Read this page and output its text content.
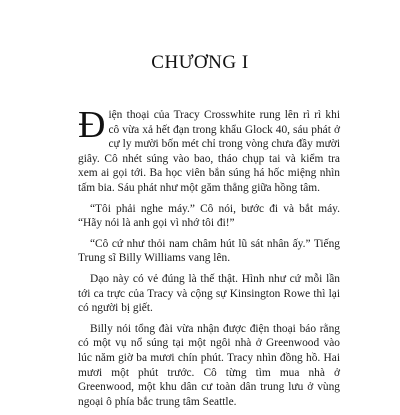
CHƯƠNG I

Điện thoại của Tracy Crosswhite rung lên rì rì khi cô vừa xả hết đạn trong khẩu Glock 40, sáu phát ở cự ly mười bốn mét chỉ trong vòng chưa đầy mười giây. Cô nhét súng vào bao, tháo chụp tai và kiểm tra xem ai gọi tới. Ba học viên bắn súng há hốc miệng nhìn tấm bia. Sáu phát như một găm thẳng giữa hồng tâm.

“Tôi phải nghe máy.” Cô nói, bước đi và bắt máy. “Hãy nói là anh gọi vì nhớ tôi đi!”

“Cô cứ như thỏi nam châm hút lũ sát nhân ấy.” Tiếng Trung sĩ Billy Williams vang lên.

Dạo này có vẻ đúng là thế thật. Hình như cứ mỗi lần tới ca trực của Tracy và cộng sự Kinsington Rowe thì lại có người bị giết.

Billy nói tổng đài vừa nhận được điện thoại báo rằng có một vụ nổ súng tại một ngôi nhà ở Greenwood vào lúc năm giờ ba mươi chín phút. Tracy nhìn đồng hồ. Hai mươi một phút trước. Cô từng tìm mua nhà ở Greenwood, một khu dân cư toàn dân trung lưu ở vùng ngoại ô phía bắc trung tâm Seattle.
